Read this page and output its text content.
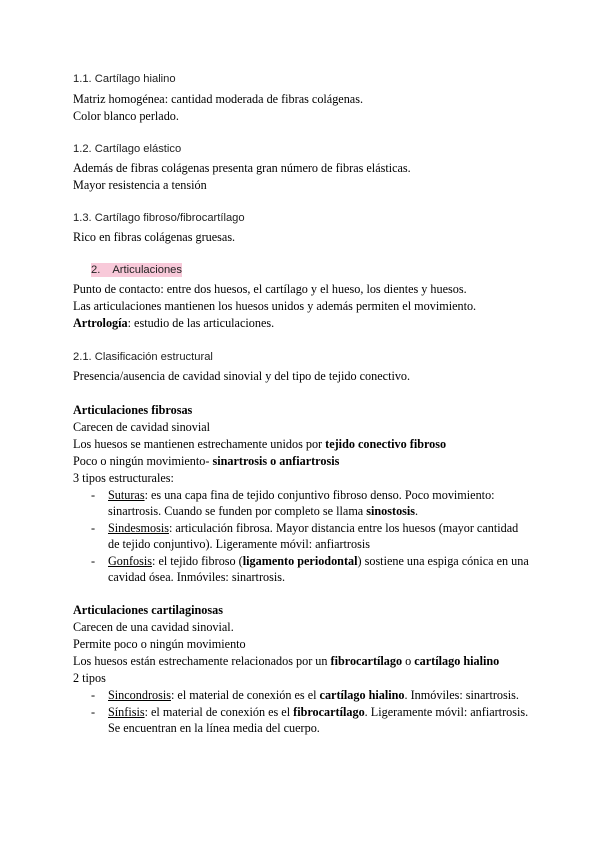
1.1. Cartílago hialino
Matriz homogénea: cantidad moderada de fibras colágenas.
Color blanco perlado.
1.2. Cartílago elástico
Además de fibras colágenas presenta gran número de fibras elásticas.
Mayor resistencia a tensión
1.3. Cartílago fibroso/fibrocartílago
Rico en fibras colágenas gruesas.
2. Articulaciones
Punto de contacto: entre dos huesos, el cartílago y el hueso, los dientes y huesos.
Las articulaciones mantienen los huesos unidos y además permiten el movimiento.
Artrología: estudio de las articulaciones.
2.1. Clasificación estructural
Presencia/ausencia de cavidad sinovial y del tipo de tejido conectivo.
Articulaciones fibrosas
Carecen de cavidad sinovial
Los huesos se mantienen estrechamente unidos por tejido conectivo fibroso
Poco o ningún movimiento- sinartrosis o anfiartrosis
3 tipos estructurales:
- Suturas: es una capa fina de tejido conjuntivo fibroso denso. Poco movimiento:
sinartrosis. Cuando se funden por completo se llama sinostosis.
- Sindesmosis: articulación fibrosa. Mayor distancia entre los huesos (mayor cantidad
de tejido conjuntivo). Ligeramente móvil: anfiartrosis
- Gonfosis: el tejido fibroso (ligamento periodontal) sostiene una espiga cónica en una
cavidad ósea. Inmóviles: sinartrosis.
Articulaciones cartilaginosas
Carecen de una cavidad sinovial.
Permite poco o ningún movimiento
Los huesos están estrechamente relacionados por un fibrocartílago o cartílago hialino
2 tipos
- Sincondrosis: el material de conexión es el cartílago hialino. Inmóviles: sinartrosis.
- Sínfisis: el material de conexión es el fibrocartílago. Ligeramente móvil: anfiartrosis.
Se encuentran en la línea media del cuerpo.
